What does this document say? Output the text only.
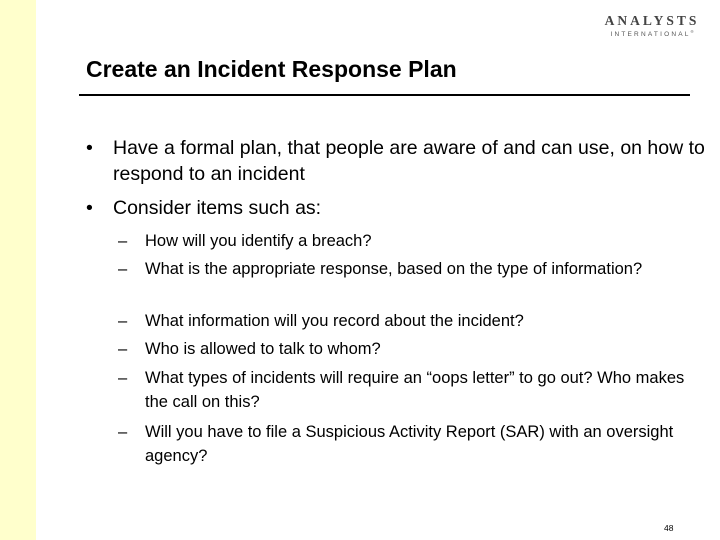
ANALYSTS
INTERNATIONAL®
Create an Incident Response Plan
• Have a formal plan, that people are aware of and can use, on how to respond to an incident
• Consider items such as:
– How will you identify a breach?
– What is the appropriate response, based on the type of information?
– What information will you record about the incident?
– Who is allowed to talk to whom?
– What types of incidents will require an “oops letter” to go out? Who makes the call on this?
– Will you have to file a Suspicious Activity Report (SAR) with an oversight agency?
48
